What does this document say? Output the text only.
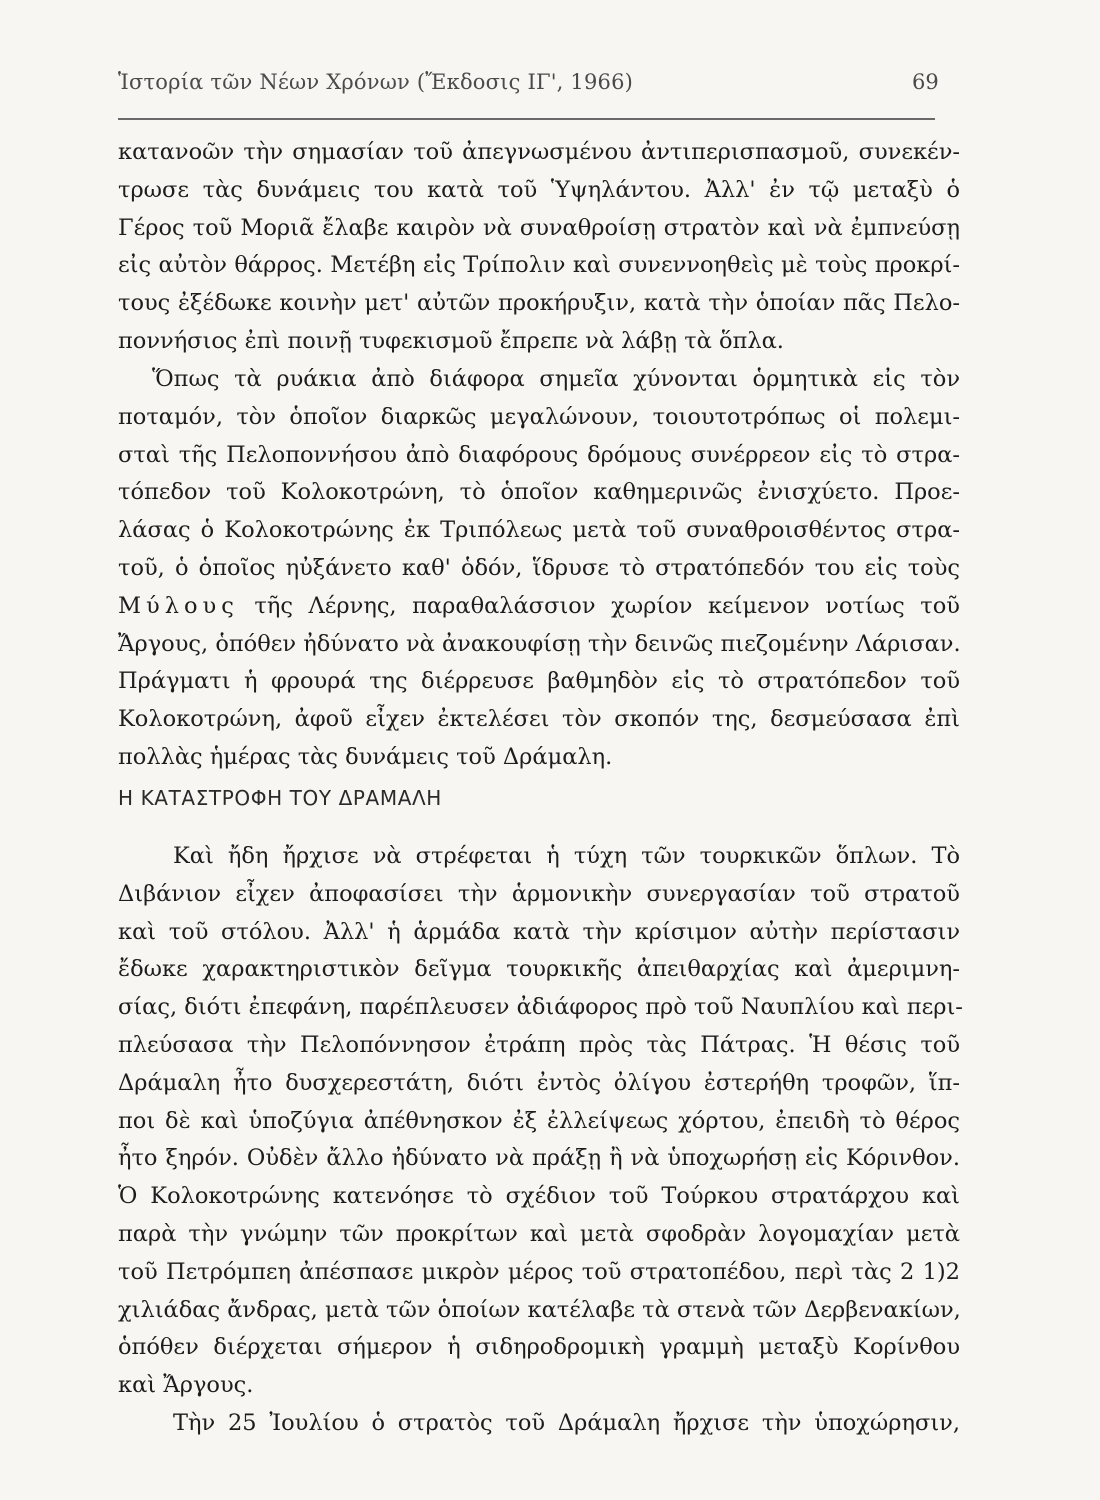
Ἱστορία τῶν Νέων Χρόνων (Ἔκδοσις ΙΓ', 1966)	69
κατανοῶν τὴν σημασίαν τοῦ ἀπεγνωσμένου ἀντιπερισπασμοῦ, συνεκέν-
τρωσε τὰς δυνάμεις του κατὰ τοῦ Ὑψηλάντου. Ἀλλ' ἐν τῷ μεταξὺ ὁ
Γέρος τοῦ Μοριᾶ ἔλαβε καιρὸν νὰ συναθροίσῃ στρατὸν καὶ νὰ ἐμπνεύσῃ
εἰς αὐτὸν θάρρος. Μετέβη εἰς Τρίπολιν καὶ συνεννοηθεὶς μὲ τοὺς προκρί-
τους ἐξέδωκε κοινὴν μετ' αὐτῶν προκήρυξιν, κατὰ τὴν ὁποίαν πᾶς Πελο-
ποννήσιος ἐπὶ ποινῇ τυφεκισμοῦ ἔπρεπε νὰ λάβῃ τὰ ὅπλα.
Ὅπως τὰ ρυάκια ἀπὸ διάφορα σημεῖα χύνονται ὁρμητικὰ εἰς τὸν
ποταμόν, τὸν ὁποῖον διαρκῶς μεγαλώνουν, τοιουτοτρόπως οἱ πολεμι-
σταὶ τῆς Πελοποννήσου ἀπὸ διαφόρους δρόμους συνέρρεον εἰς τὸ στρα-
τόπεδον τοῦ Κολοκοτρώνη, τὸ ὁποῖον καθημερινῶς ἐνισχύετο. Προε-
λάσας ὁ Κολοκοτρώνης ἐκ Τριπόλεως μετὰ τοῦ συναθροισθέντος στρα-
τοῦ, ὁ ὁποῖος ηὐξάνετο καθ' ὁδόν, ἵδρυσε τὸ στρατόπεδόν του εἰς τοὺς
Μύλους τῆς Λέρνης, παραθαλάσσιον χωρίον κείμενον νοτίως τοῦ
Ἄργους, ὁπόθεν ἠδύνατο νὰ ἀνακουφίσῃ τὴν δεινῶς πιεζομένην Λάρισαν.
Πράγματι ἡ φρουρά της διέρρευσε βαθμηδὸν εἰς τὸ στρατόπεδον τοῦ
Κολοκοτρώνη, ἀφοῦ εἶχεν ἐκτελέσει τὸν σκοπόν της, δεσμεύσασα ἐπὶ
πολλὰς ἡμέρας τὰς δυνάμεις τοῦ Δράμαλη.
Η ΚΑΤΑΣΤΡΟΦΗ ΤΟΥ ΔΡΑΜΑΛΗ
Καὶ ἤδη ἤρχισε νὰ στρέφεται ἡ τύχη τῶν τουρκικῶν ὅπλων. Τὸ
Διβάνιον εἶχεν ἀποφασίσει τὴν ἁρμονικὴν συνεργασίαν τοῦ στρατοῦ
καὶ τοῦ στόλου. Ἀλλ' ἡ ἁρμάδα κατὰ τὴν κρίσιμον αὐτὴν περίστασιν
ἔδωκε χαρακτηριστικὸν δεῖγμα τουρκικῆς ἀπειθαρχίας καὶ ἀμεριμνη-
σίας, διότι ἐπεφάνη, παρέπλευσεν ἀδιάφορος πρὸ τοῦ Ναυπλίου καὶ περι-
πλεύσασα τὴν Πελοπόννησον ἐτράπη πρὸς τὰς Πάτρας. Ἡ θέσις τοῦ
Δράμαλη ἦτο δυσχερεστάτη, διότι ἐντὸς ὀλίγου ἐστερήθη τροφῶν, ἵπ-
ποι δὲ καὶ ὑποζύγια ἀπέθνησκον ἐξ ἐλλείψεως χόρτου, ἐπειδὴ τὸ θέρος
ἦτο ξηρόν. Οὐδὲν ἄλλο ἠδύνατο νὰ πράξῃ ἢ νὰ ὑποχωρήσῃ εἰς Κόρινθον.
Ὁ Κολοκοτρώνης κατενόησε τὸ σχέδιον τοῦ Τούρκου στρατάρχου καὶ
παρὰ τὴν γνώμην τῶν προκρίτων καὶ μετὰ σφοδρὰν λογομαχίαν μετὰ
τοῦ Πετρόμπεη ἀπέσπασε μικρὸν μέρος τοῦ στρατοπέδου, περὶ τὰς 2 1)2
χιλιάδας ἄνδρας, μετὰ τῶν ὁποίων κατέλαβε τὰ στενὰ τῶν Δερβενακίων,
ὁπόθεν διέρχεται σήμερον ἡ σιδηροδρομικὴ γραμμὴ μεταξὺ Κορίνθου
καὶ Ἄργους.
Τὴν 25 Ἰουλίου ὁ στρατὸς τοῦ Δράμαλη ἤρχισε τὴν ὑποχώρησιν,
